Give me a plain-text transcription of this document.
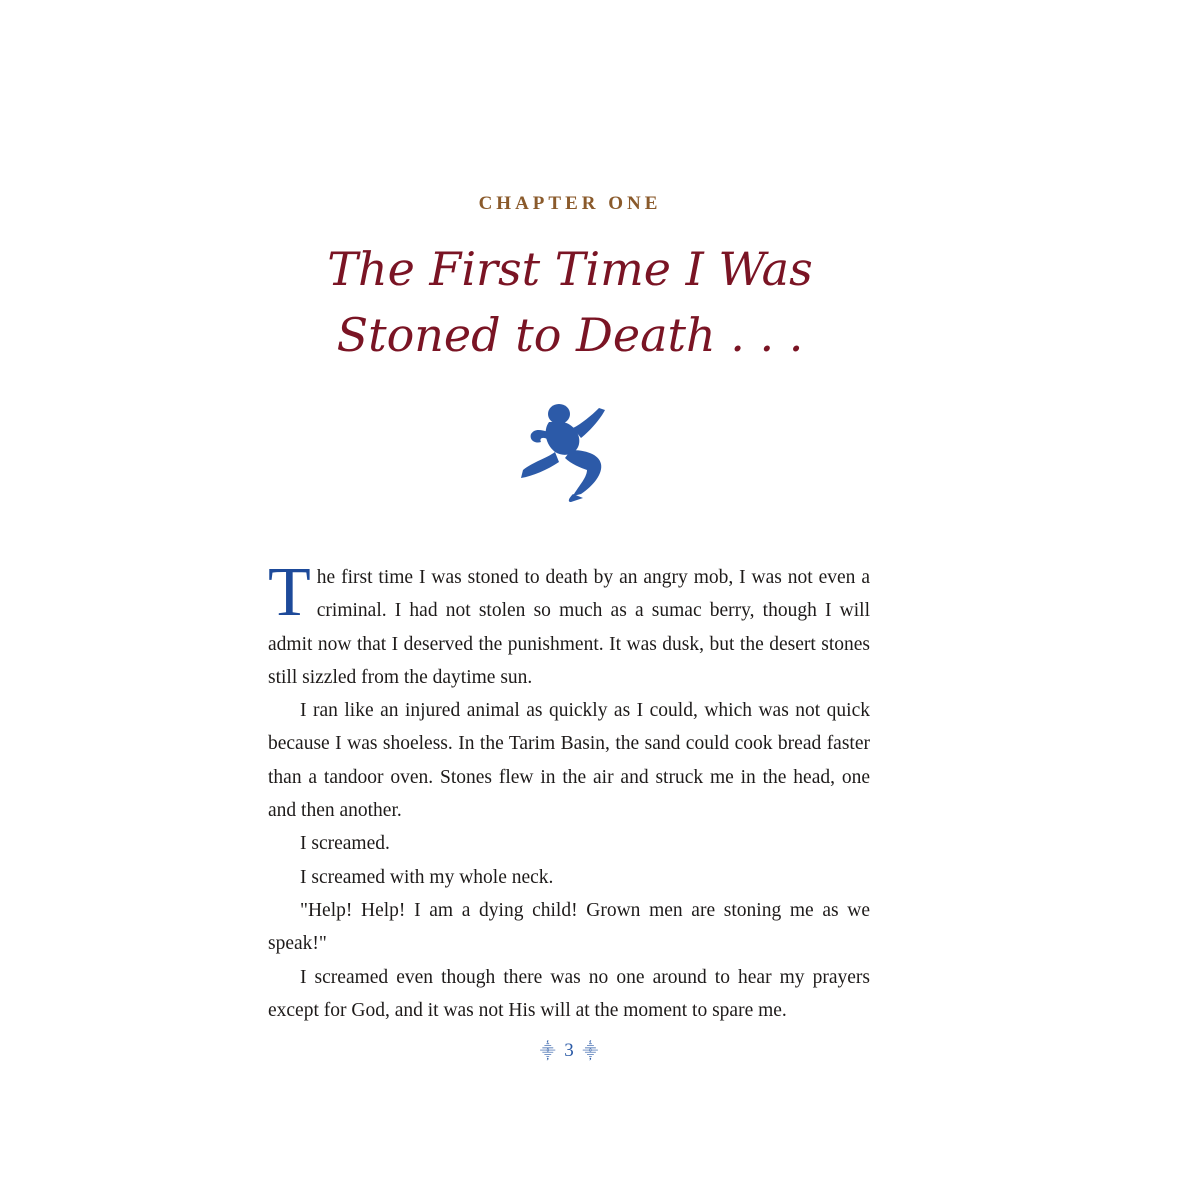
CHAPTER ONE
The First Time I Was
Stoned to Death . . .

The first time I was stoned to death by an angry mob, I was not even a criminal. I had not stolen so much as a sumac berry, though I will admit now that I deserved the punishment. It was dusk, but the desert stones still sizzled from the daytime sun.

I ran like an injured animal as quickly as I could, which was not quick because I was shoeless. In the Tarim Basin, the sand could cook bread faster than a tandoor oven. Stones flew in the air and struck me in the head, one and then another.

I screamed.

I screamed with my whole neck.

"Help! Help! I am a dying child! Grown men are stoning me as we speak!"

I screamed even though there was no one around to hear my prayers except for God, and it was not His will at the moment to spare me.

⸎ 3 ⸎
